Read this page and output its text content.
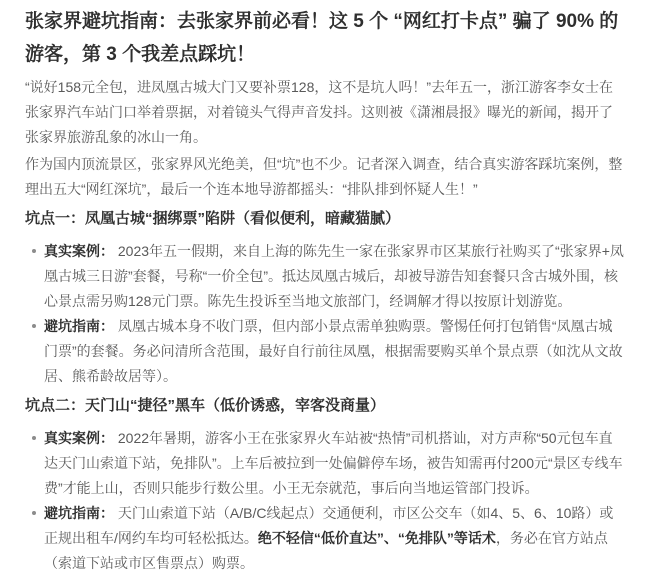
张家界避坑指南：去张家界前必看！这 5 个 “网红打卡点” 骗了 90% 的游客，第 3 个我差点踩坑！

“说好158元全包，进凤凰古城大门又要补票128，这不是坑人吗！”去年五一，浙江游客李女士在张家界汽车站门口举着票据，对着镜头气得声音发抖。这则被《潇湘晨报》曝光的新闻，揭开了张家界旅游乱象的冰山一角。

作为国内顶流景区，张家界风光绝美，但“坑”也不少。记者深入调查，结合真实游客踩坑案例，整理出五大“网红深坑”，最后一个连本地导游都摇头：“排队排到怀疑人生！”

坑点一：凤凰古城“捆绑票”陷阱（看似便利，暗藏猫腻）
真实案例： 2023年五一假期，来自上海的陈先生一家在张家界市区某旅行社购买了“张家界+凤凰古城三日游”套餐，号称“一价全包”。抵达凤凰古城后，却被导游告知套餐只含古城外围，核心景点需另购128元门票。陈先生投诉至当地文旅部门，经调解才得以按原计划游览。
避坑指南： 凤凰古城本身不收门票，但内部小景点需单独购票。警惕任何打包销售“凤凰古城门票”的套餐。务必问清所含范围，最好自行前往凤凰，根据需要购买单个景点票（如沈从文故居、熊希龄故居等）。
坑点二：天门山“捷径”黑车（低价诱惑，宰客没商量）
真实案例： 2022年暑期，游客小王在张家界火车站被“热情”司机搭讪，对方声称“50元包车直达天门山索道下站，免排队”。上车后被拉到一处偏僻停车场，被告知需再付200元“景区专线车费”才能上山，否则只能步行数公里。小王无奈就范，事后向当地运管部门投诉。
避坑指南： 天门山索道下站（A/B/C线起点）交通便利，市区公交车（如4、5、6、10路）或正规出租车/网约车均可轻松抵达。绝不轻信“低价直达”、“免排队”等话术，务必在官方站点（索道下站或市区售票点）购票。
